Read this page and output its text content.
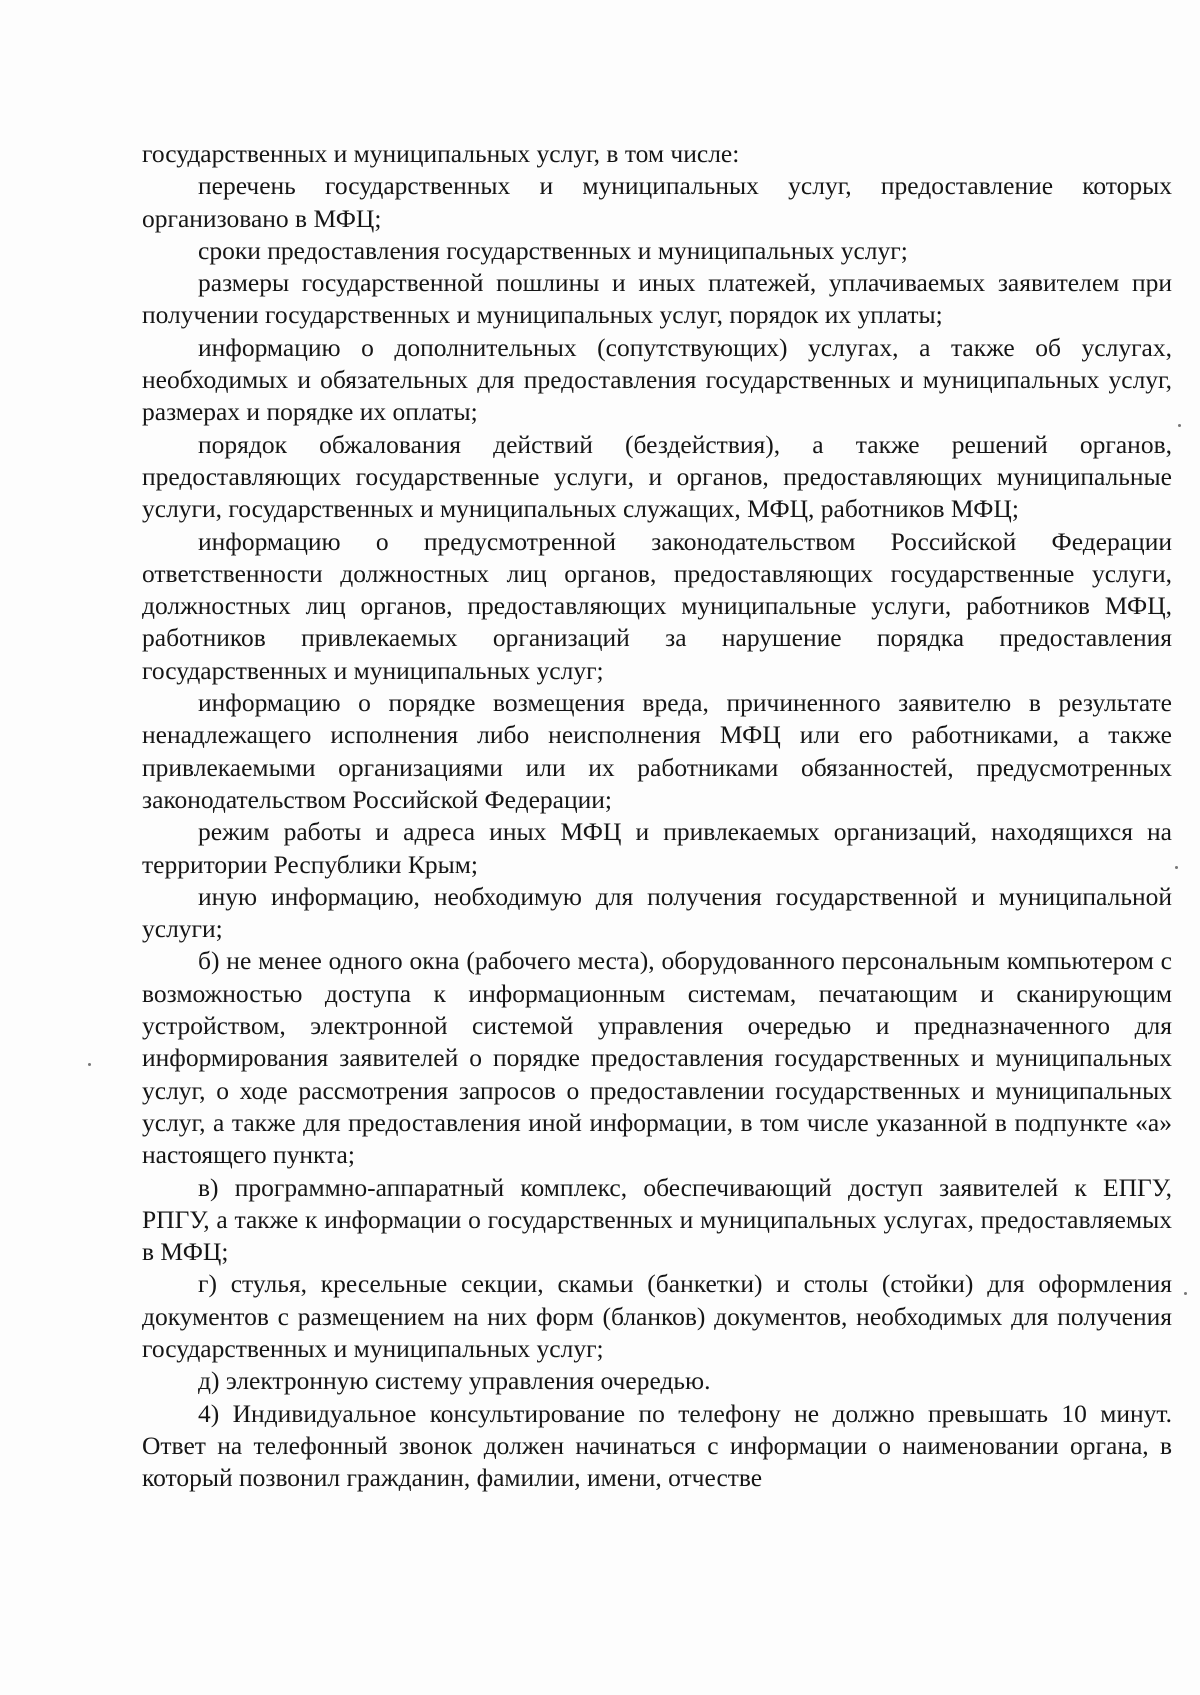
государственных и муниципальных услуг, в том числе:

перечень государственных и муниципальных услуг, предоставление которых организовано в МФЦ;

сроки предоставления государственных и муниципальных услуг;

размеры государственной пошлины и иных платежей, уплачиваемых заявителем при получении государственных и муниципальных услуг, порядок их уплаты;

информацию о дополнительных (сопутствующих) услугах, а также об услугах, необходимых и обязательных для предоставления государственных и муниципальных услуг, размерах и порядке их оплаты;

порядок обжалования действий (бездействия), а также решений органов, предоставляющих государственные услуги, и органов, предоставляющих муниципальные услуги, государственных и муниципальных служащих, МФЦ, работников МФЦ;

информацию о предусмотренной законодательством Российской Федерации ответственности должностных лиц органов, предоставляющих государственные услуги, должностных лиц органов, предоставляющих муниципальные услуги, работников МФЦ, работников привлекаемых организаций за нарушение порядка предоставления государственных и муниципальных услуг;

информацию о порядке возмещения вреда, причиненного заявителю в результате ненадлежащего исполнения либо неисполнения МФЦ или его работниками, а также привлекаемыми организациями или их работниками обязанностей, предусмотренных законодательством Российской Федерации;

режим работы и адреса иных МФЦ и привлекаемых организаций, находящихся на территории Республики Крым;

иную информацию, необходимую для получения государственной и муниципальной услуги;

б) не менее одного окна (рабочего места), оборудованного персональным компьютером с возможностью доступа к информационным системам, печатающим и сканирующим устройством, электронной системой управления очередью и предназначенного для информирования заявителей о порядке предоставления государственных и муниципальных услуг, о ходе рассмотрения запросов о предоставлении государственных и муниципальных услуг, а также для предоставления иной информации, в том числе указанной в подпункте «а» настоящего пункта;

в) программно-аппаратный комплекс, обеспечивающий доступ заявителей к ЕПГУ, РПГУ, а также к информации о государственных и муниципальных услугах, предоставляемых в МФЦ;

г) стулья, кресельные секции, скамьи (банкетки) и столы (стойки) для оформления документов с размещением на них форм (бланков) документов, необходимых для получения государственных и муниципальных услуг;

д) электронную систему управления очередью.

4) Индивидуальное консультирование по телефону не должно превышать 10 минут. Ответ на телефонный звонок должен начинаться с информации о наименовании органа, в который позвонил гражданин, фамилии, имени, отчестве
